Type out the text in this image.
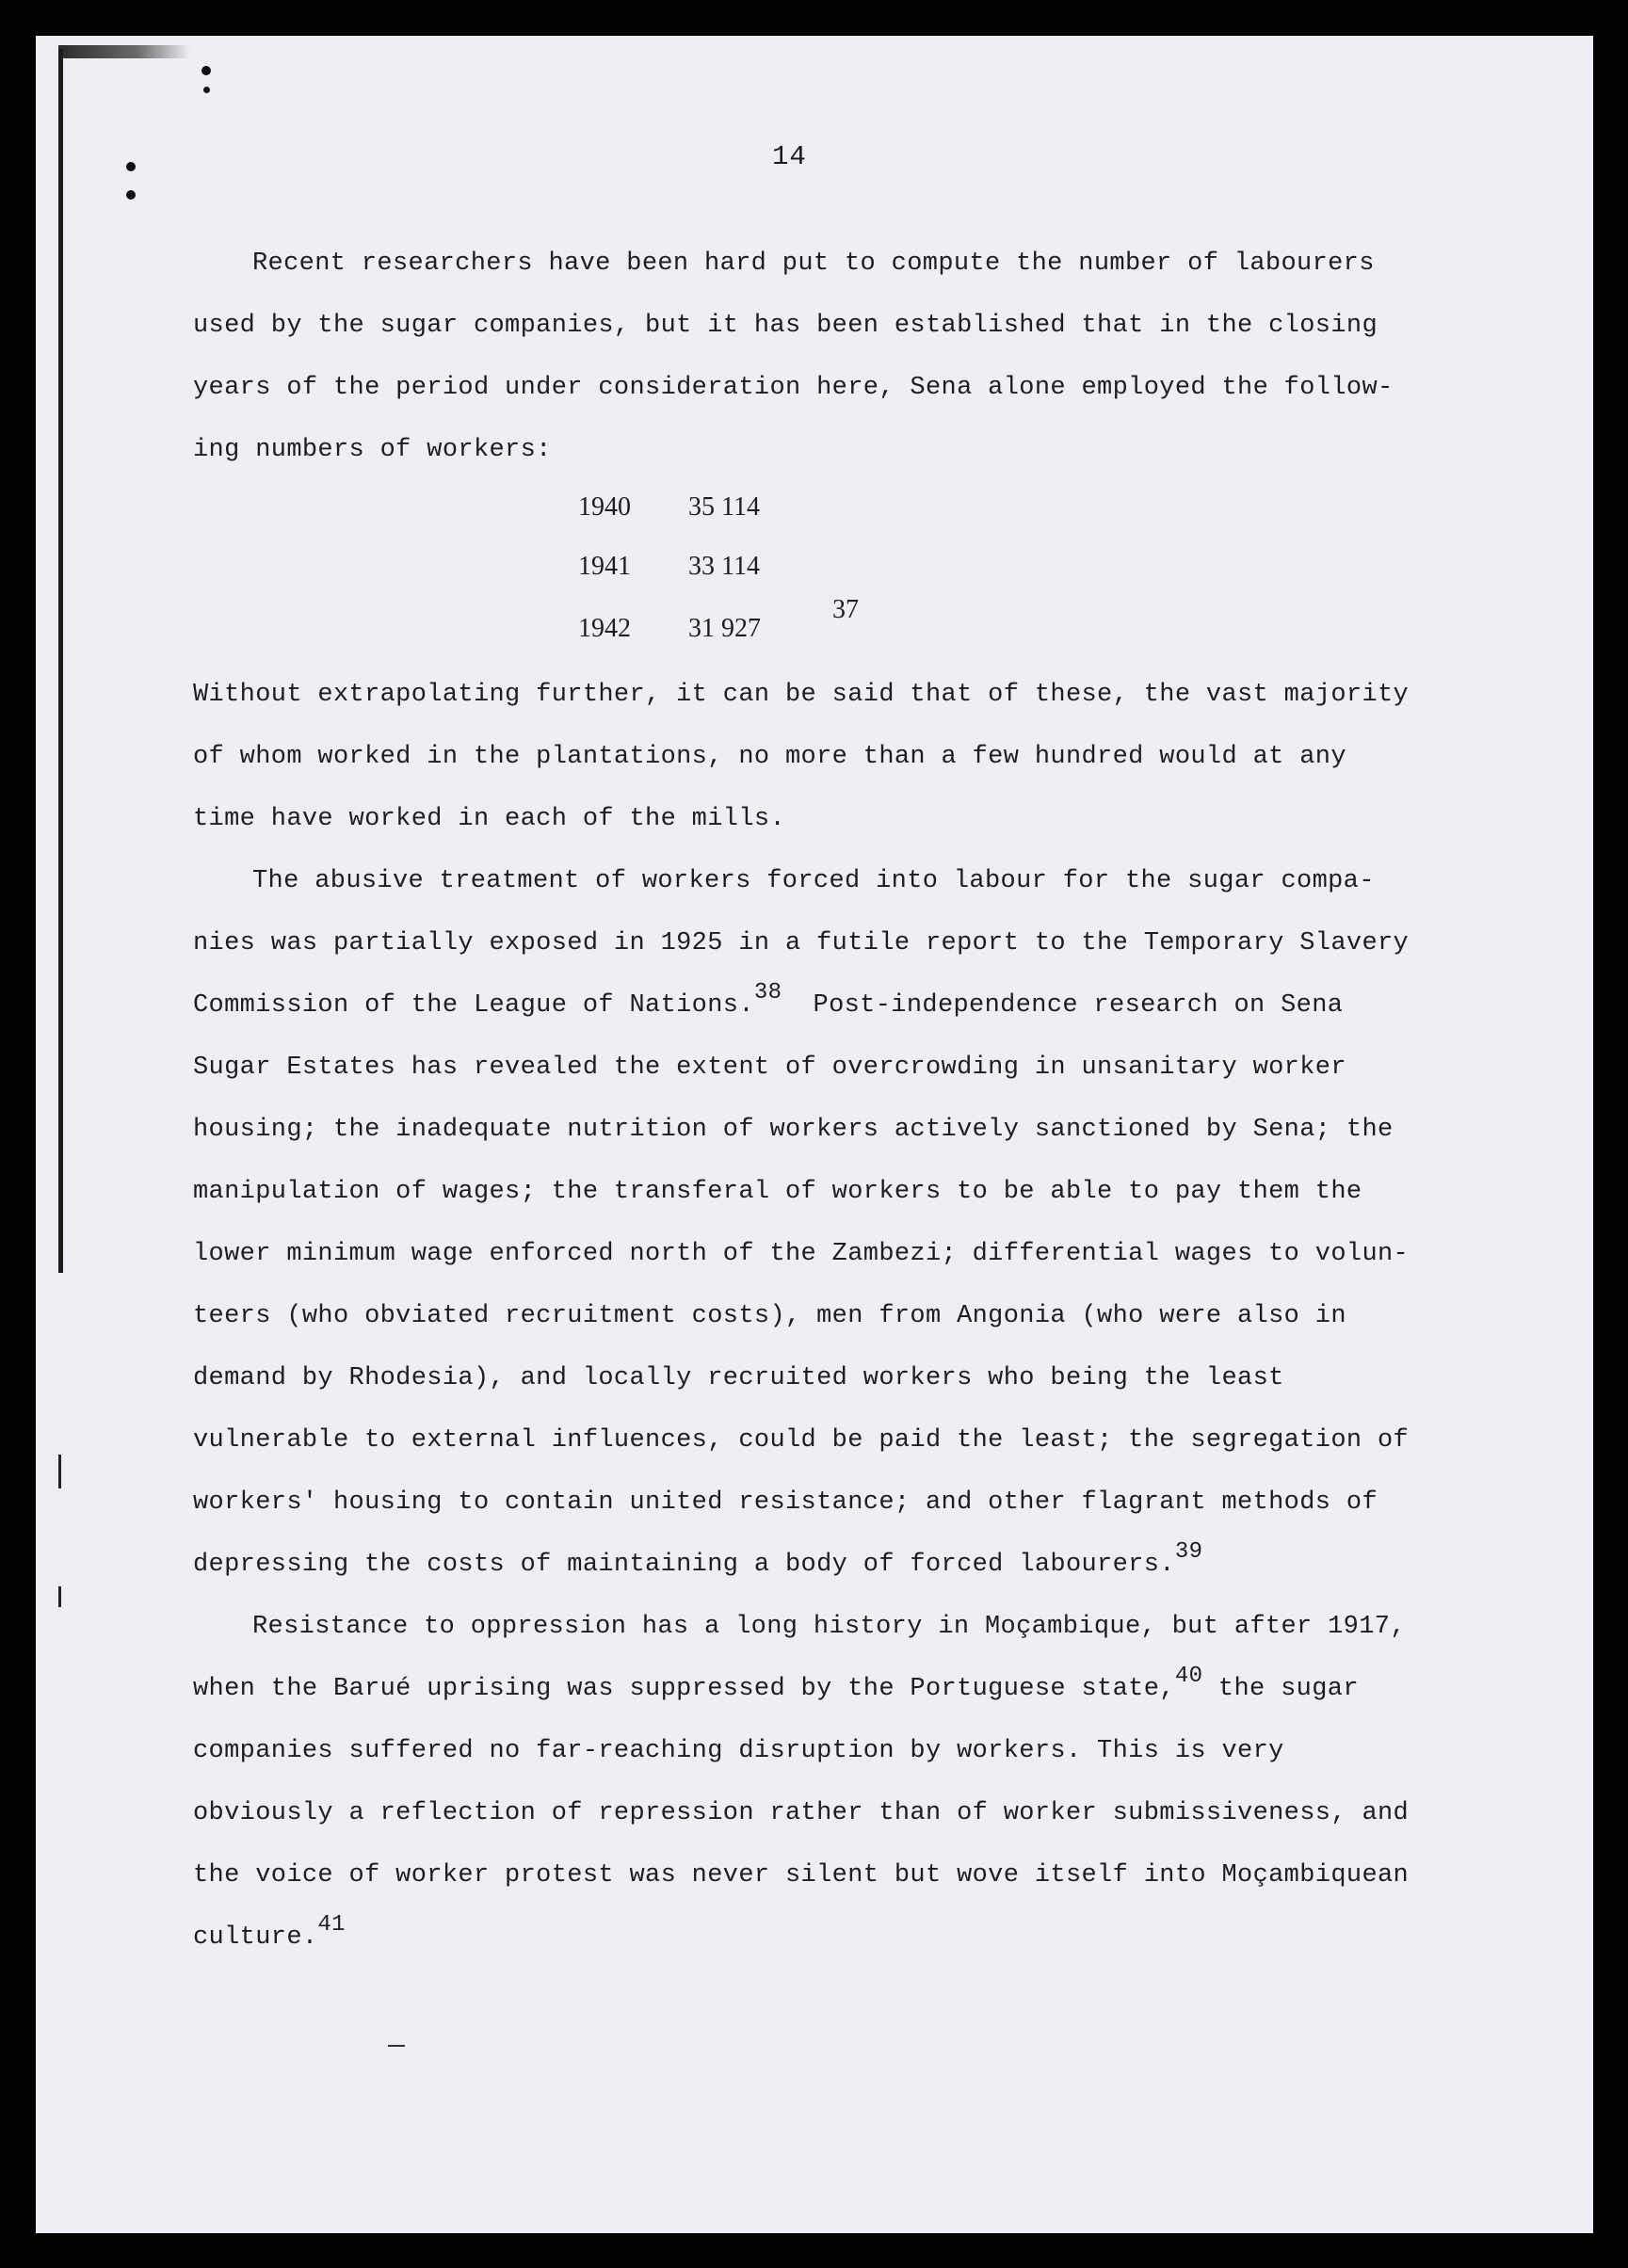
14
Recent researchers have been hard put to compute the number of labourers
used by the sugar companies, but it has been established that in the closing
years of the period under consideration here, Sena alone employed the follow-
ing numbers of workers:
1940 35 114
1941 33 114
1942 31 927
37
Without extrapolating further, it can be said that of these, the vast majority
of whom worked in the plantations, no more than a few hundred would at any
time have worked in each of the mills.
The abusive treatment of workers forced into labour for the sugar compa-
nies was partially exposed in 1925 in a futile report to the Temporary Slavery
Commission of the League of Nations.$^{38}$  Post-independence research on Sena
Sugar Estates has revealed the extent of overcrowding in unsanitary worker
housing; the inadequate nutrition of workers actively sanctioned by Sena; the
manipulation of wages; the transferal of workers to be able to pay them the
lower minimum wage enforced north of the Zambezi; differential wages to volun-
teers (who obviated recruitment costs), men from Angonia (who were also in
demand by Rhodesia), and locally recruited workers who being the least
vulnerable to external influences, could be paid the least; the segregation of
workers' housing to contain united resistance; and other flagrant methods of
depressing the costs of maintaining a body of forced labourers.$^{39}$
Resistance to oppression has a long history in Moçambique, but after 1917,
when the Barué uprising was suppressed by the Portuguese state,$^{40}$ the sugar
companies suffered no far-reaching disruption by workers. This is very
obviously a reflection of repression rather than of worker submissiveness, and
the voice of worker protest was never silent but wove itself into Moçambiquean
culture.$^{41}$
